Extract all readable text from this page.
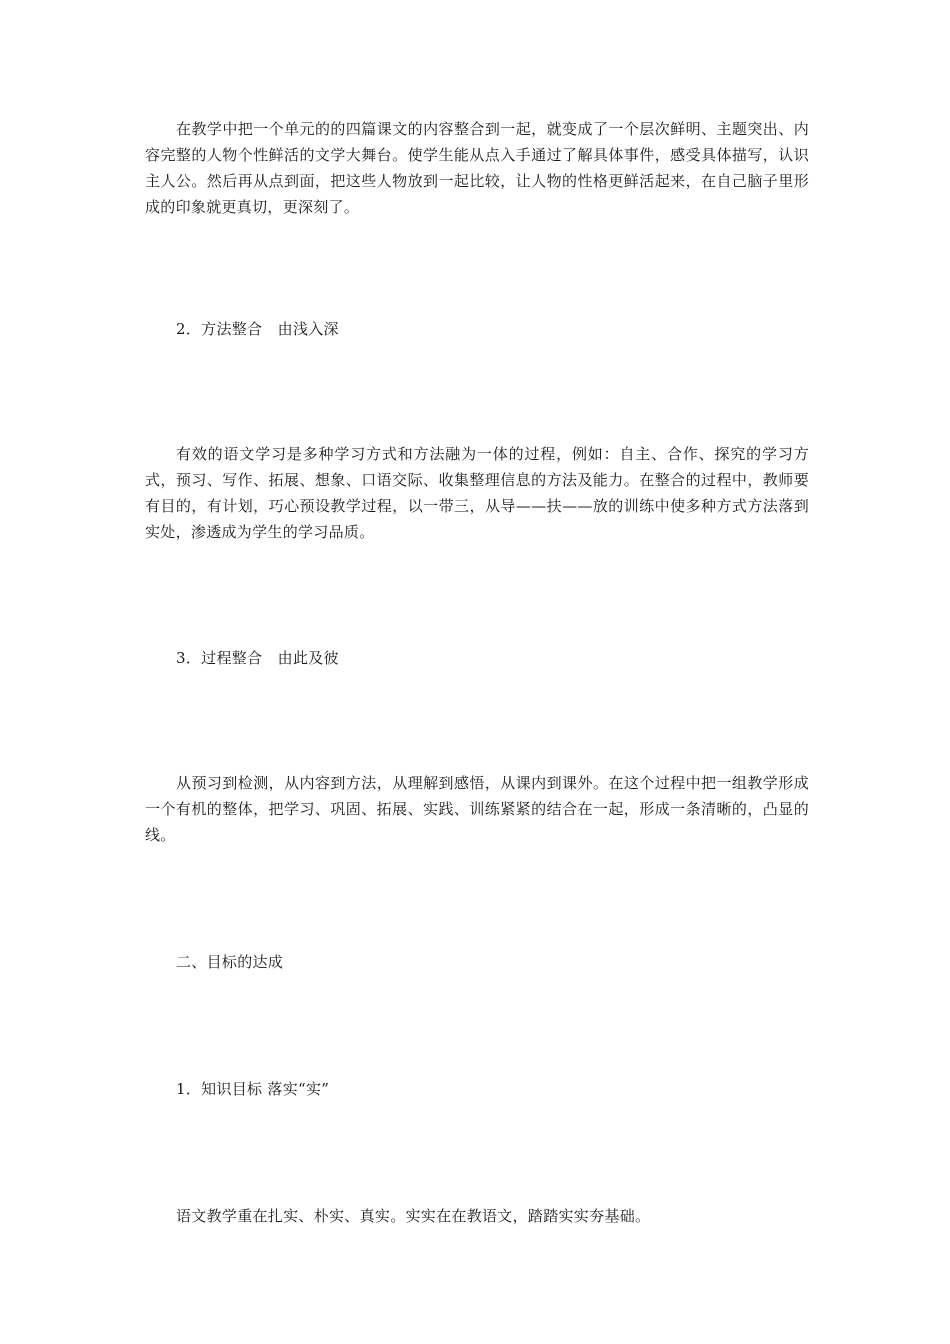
在教学中把一个单元的的四篇课文的内容整合到一起，就变成了一个层次鲜明、主题突出、内容完整的人物个性鲜活的文学大舞台。使学生能从点入手通过了解具体事件，感受具体描写，认识主人公。然后再从点到面，把这些人物放到一起比较，让人物的性格更鲜活起来，在自己脑子里形成的印象就更真切，更深刻了。

2．方法整合　由浅入深

有效的语文学习是多种学习方式和方法融为一体的过程，例如：自主、合作、探究的学习方式，预习、写作、拓展、想象、口语交际、收集整理信息的方法及能力。在整合的过程中，教师要有目的，有计划，巧心预设教学过程，以一带三，从导——扶——放的训练中使多种方式方法落到实处，渗透成为学生的学习品质。

3．过程整合　由此及彼

从预习到检测，从内容到方法，从理解到感悟，从课内到课外。在这个过程中把一组教学形成一个有机的整体，把学习、巩固、拓展、实践、训练紧紧的结合在一起，形成一条清晰的，凸显的线。

二、目标的达成

1．知识目标 落实“实”

语文教学重在扎实、朴实、真实。实实在在教语文，踏踏实实夯基础。
